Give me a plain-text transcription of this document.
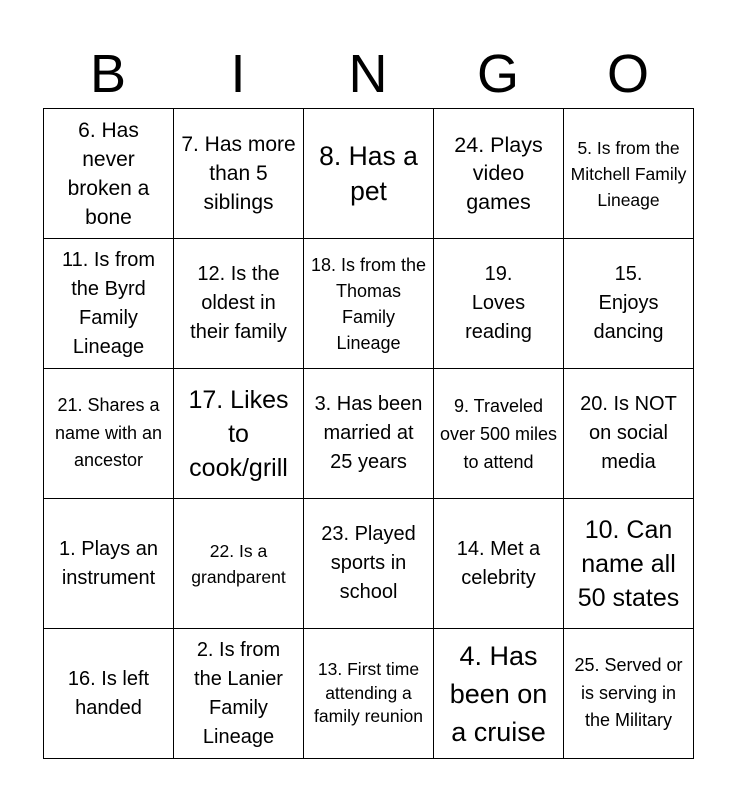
B	I	N	G	O
6. Has never broken a bone	7. Has more than 5 siblings	8. Has a pet	24. Plays video games	5. Is from the Mitchell Family Lineage

11. Is from the Byrd Family Lineage	12. Is the oldest in their family	18. Is from the Thomas Family Lineage	19. Loves reading	15. Enjoys dancing

21. Shares a name with an ancestor	17. Likes to cook/grill	3. Has been married at 25 years	9. Traveled over 500 miles to attend	20. Is NOT on social media

1. Plays an instrument	22. Is a grandparent	23. Played sports in school	14. Met a celebrity	10. Can name all 50 states

16. Is left handed	2. Is from the Lanier Family Lineage	13. First time attending a family reunion	4. Has been on a cruise	25. Served or is serving in the Military
